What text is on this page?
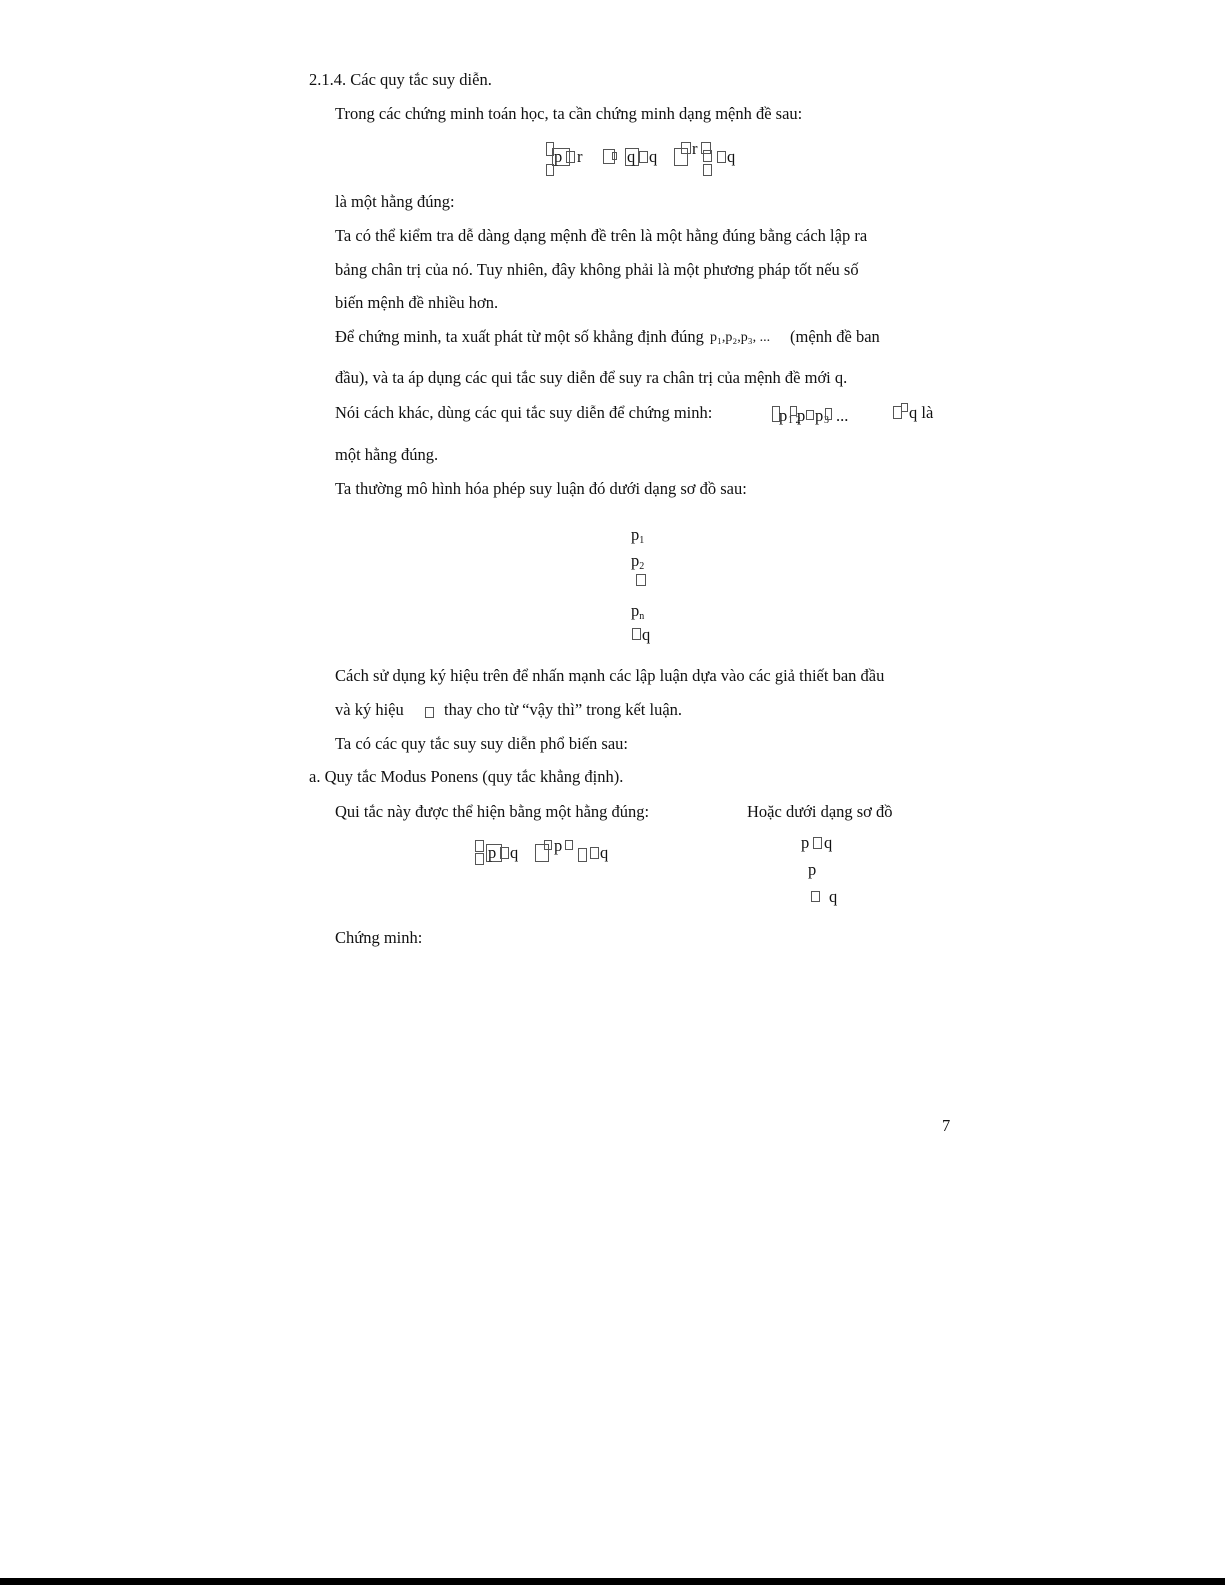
2.1.4. Các quy tắc suy diễn.
Trong các chứng minh toán học, ta cần chứng minh dạng mệnh đề sau:
p r	q q r q
là một hằng đúng:
Ta có thể kiểm tra dễ dàng dạng mệnh đề trên là một hằng đúng bằng cách lập ra
bảng chân trị của nó. Tuy nhiên, đây không phải là một phương pháp tốt nếu số
biến mệnh đề nhiều hơn.
Để chứng minh, ta xuất phát từ một số khẳng định đúng p₁,p₂,p₃, ... (mệnh đề ban
đầu), và ta áp dụng các qui tắc suy diễn để suy ra chân trị của mệnh đề mới q.
Nói cách khác, dùng các qui tắc suy diễn để chứng minh:	p 1 2
p p 3 ...	q là
một hằng đúng.
Ta thường mô hình hóa phép suy luận đó dưới dạng sơ đồ sau:
$p_1$
$p_2$
$p_n$
q
Cách sử dụng ký hiệu trên để nhấn mạnh các lập luận dựa vào các giả thiết ban đầu
và ký hiệu thay cho từ “vậy thì” trong kết luận.
Ta có các quy tắc suy suy diễn phổ biến sau:
a. Quy tắc Modus Ponens (quy tắc khẳng định).
Qui tắc này được thể hiện bằng một hằng đúng:	Hoặc dưới dạng sơ đồ
p q p q
p q
p
q
Chứng minh:
7
